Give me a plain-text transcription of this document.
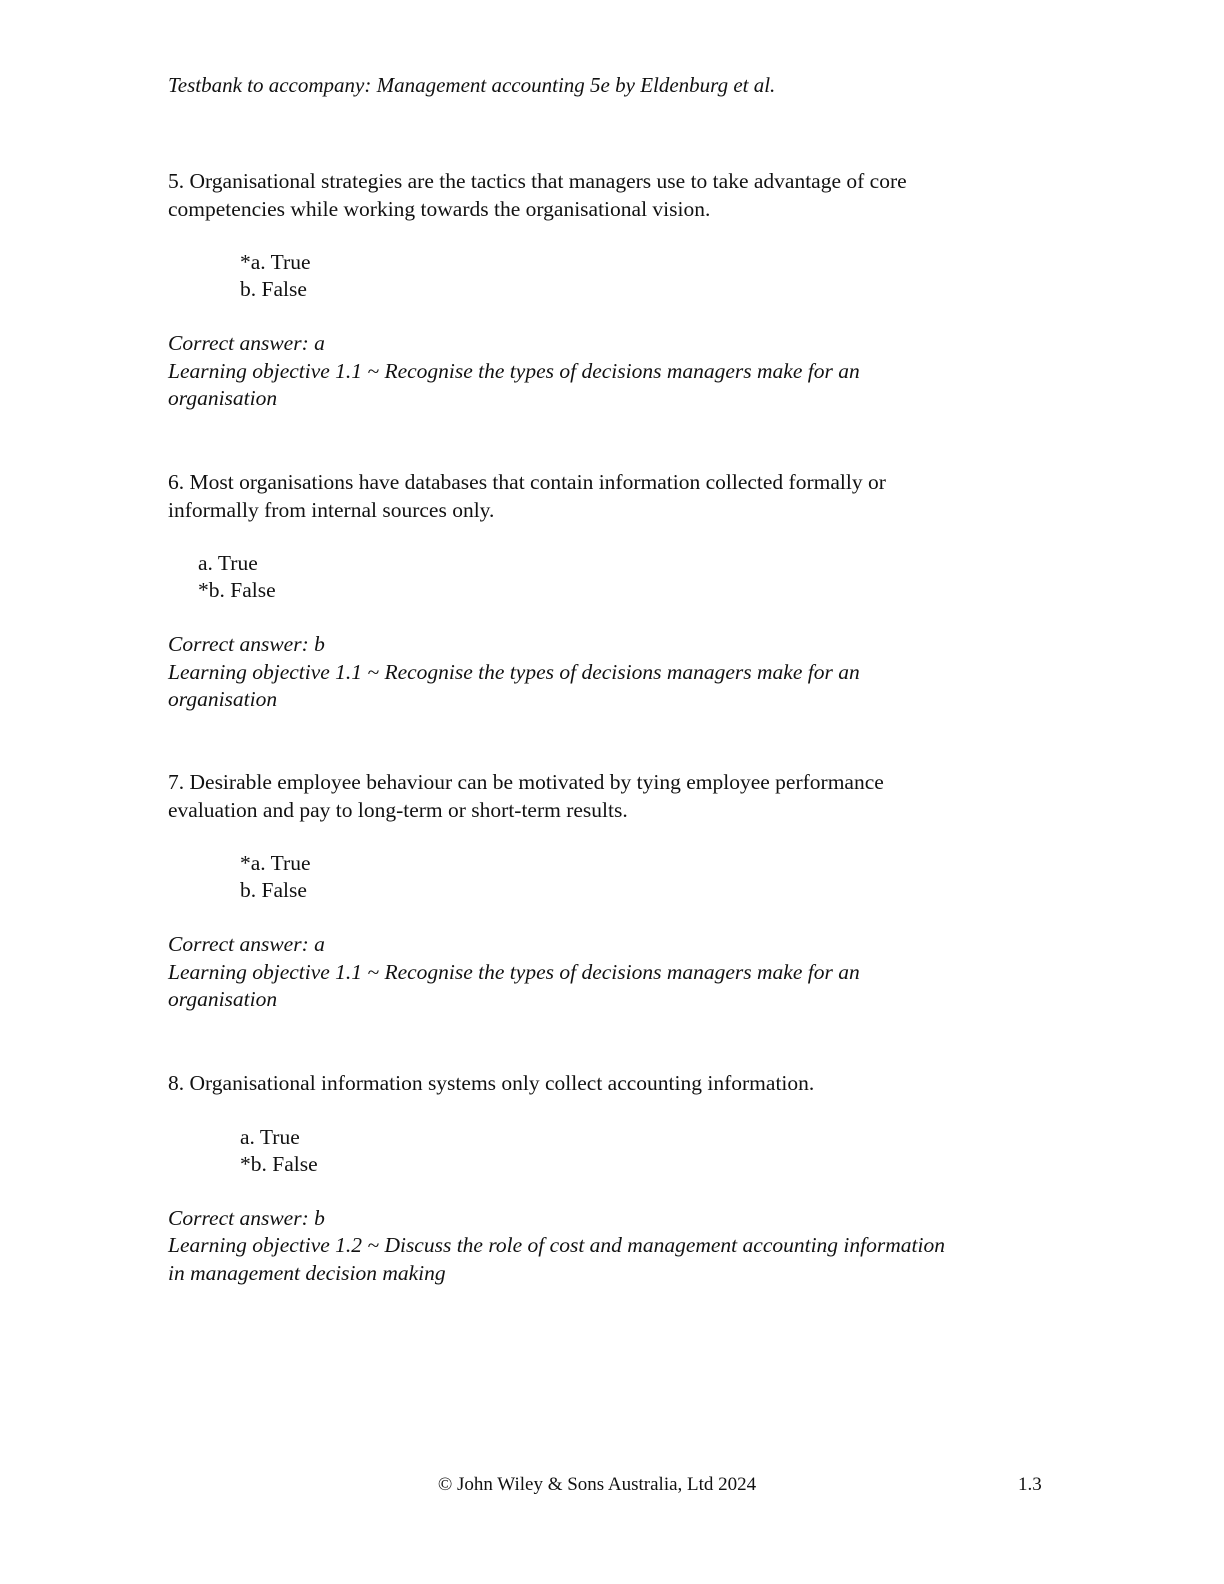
Testbank to accompany: Management accounting 5e by Eldenburg et al.
5. Organisational strategies are the tactics that managers use to take advantage of core
competencies while working towards the organisational vision.
*a. True
b. False
Correct answer: a
Learning objective 1.1 ~ Recognise the types of decisions managers make for an
organisation
6. Most organisations have databases that contain information collected formally or
informally from internal sources only.
a. True
*b. False
Correct answer: b
Learning objective 1.1 ~ Recognise the types of decisions managers make for an
organisation
7. Desirable employee behaviour can be motivated by tying employee performance
evaluation and pay to long-term or short-term results.
*a. True
b. False
Correct answer: a
Learning objective 1.1 ~ Recognise the types of decisions managers make for an
organisation
8. Organisational information systems only collect accounting information.
a. True
*b. False
Correct answer: b
Learning objective 1.2 ~ Discuss the role of cost and management accounting information
in management decision making
© John Wiley & Sons Australia, Ltd 2024	1.3
